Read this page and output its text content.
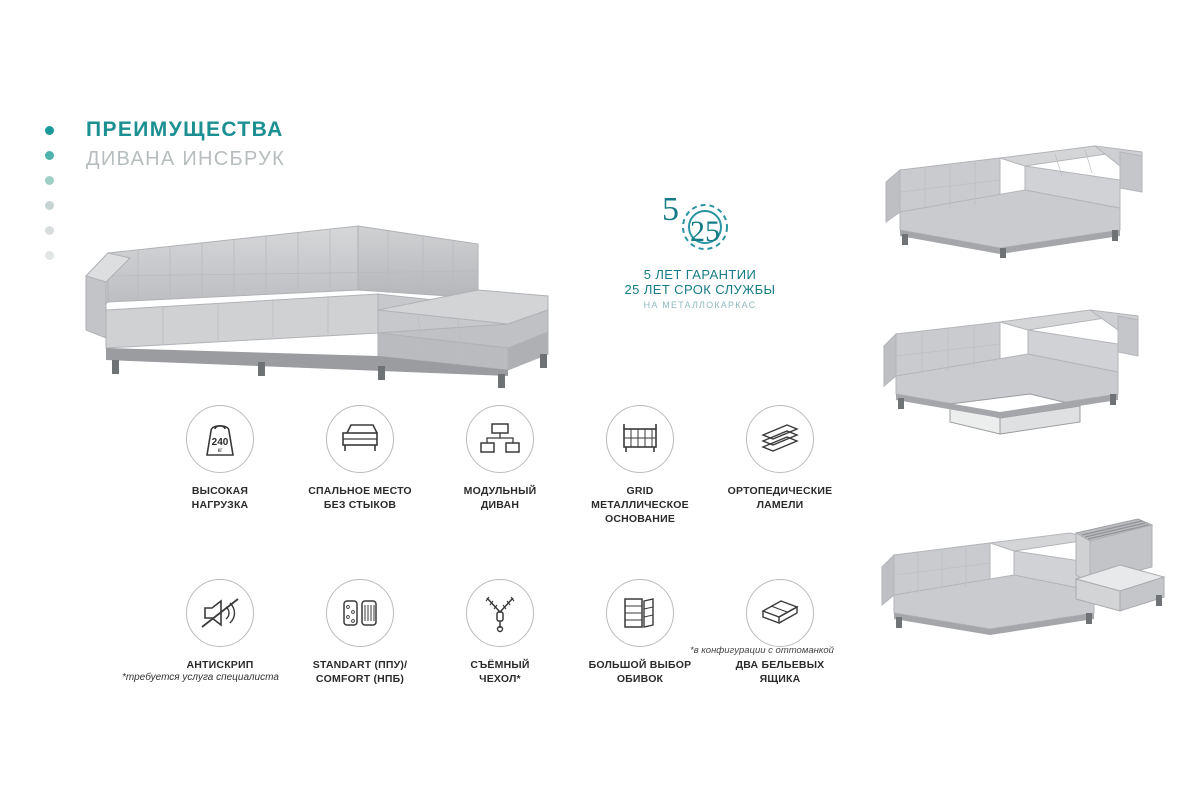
ПРЕИМУЩЕСТВА
ДИВАНА ИНСБРУК
5
25
5 ЛЕТ ГАРАНТИИ
25 ЛЕТ СРОК СЛУЖБЫ
НА МЕТАЛЛОКАРКАС
240
кг
ВЫСОКАЯ
НАГРУЗКА
СПАЛЬНОЕ МЕСТО
БЕЗ СТЫКОВ
МОДУЛЬНЫЙ
ДИВАН
GRID
МЕТАЛЛИЧЕСКОЕ
ОСНОВАНИЕ
ОРТОПЕДИЧЕСКИЕ
ЛАМЕЛИ
АНТИСКРИП	STANDART (ППУ)/
COMFORT (НПБ)
СЪЁМНЫЙ
ЧЕХОЛ*
БОЛЬШОЙ ВЫБОР
ОБИВОК
ДВА БЕЛЬЕВЫХ
ЯЩИКА
*в конфигурации с оттоманкой
*требуется услуга специалиста
